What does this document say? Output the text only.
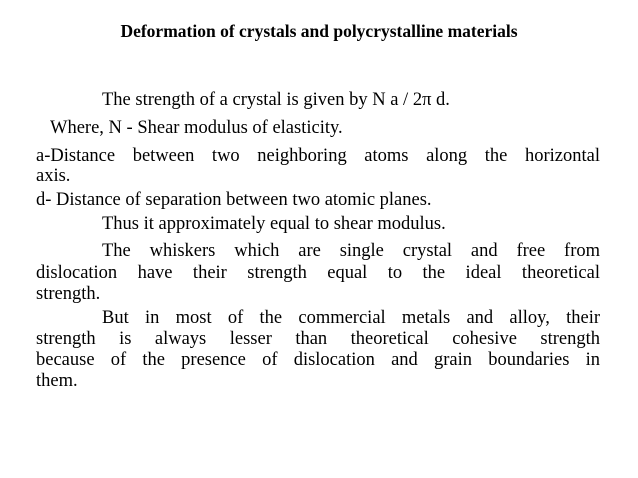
Deformation of crystals and polycrystalline materials
The strength of a crystal is given by N a / 2π d.
Where, N - Shear modulus of elasticity.
a-Distance between two neighboring atoms along the horizontal
axis.
d- Distance of separation between two atomic planes.
Thus it approximately equal to shear modulus.
The whiskers which are single crystal and free from
dislocation have their strength equal to the ideal theoretical
strength.
But in most of the commercial metals and alloy, their
strength is always lesser than theoretical cohesive strength
because of the presence of dislocation and grain boundaries in
them.
